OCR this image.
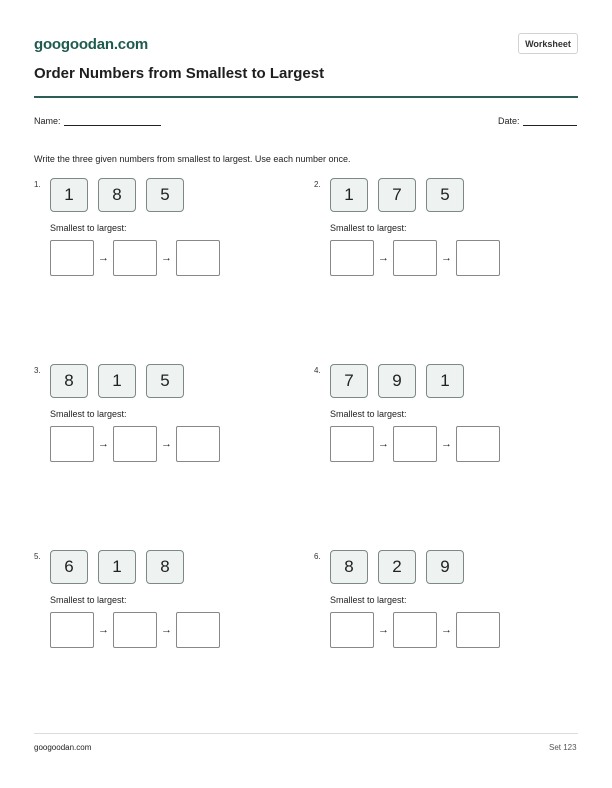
googoodan.com	Worksheet
Order Numbers from Smallest to Largest
Name:	Date:
Write the three given numbers from smallest to largest. Use each number once.
1.
1	8	5
Smallest to largest:
→	→
2.
1	7	5
Smallest to largest:
→	→
3.
8	1	5
Smallest to largest:
→	→
4.
7	9	1
Smallest to largest:
→	→
5.
6	1	8
Smallest to largest:
→	→
6.
8	2	9
Smallest to largest:
→	→
googoodan.com	Set 123
